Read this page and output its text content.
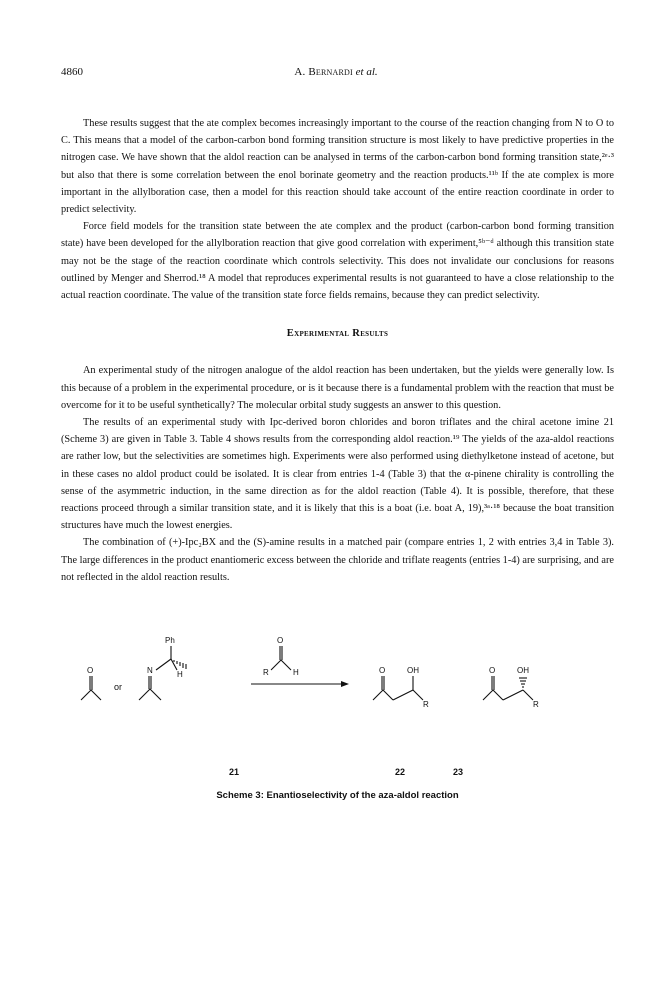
4860	A. Bernardi et al.

These results suggest that the ate complex becomes increasingly important to the course of the reaction changing from N to O to C. This means that a model of the carbon-carbon bond forming transition structure is most likely to have predictive properties in the nitrogen case. We have shown that the aldol reaction can be analysed in terms of the carbon-carbon bond forming transition state,²ᵉ·³ but also that there is some correlation between the enol borinate geometry and the reaction products.¹¹ᵇ If the ate complex is more important in the allylboration case, then a model for this reaction should take account of the entire reaction coordinate in order to predict selectivity.

Force field models for the transition state between the ate complex and the product (carbon-carbon bond forming transition state) have been developed for the allylboration reaction that give good correlation with experiment,⁵ᵇ⁻ᵈ although this transition state may not be the stage of the reaction coordinate which controls selectivity. This does not invalidate our conclusions for reasons outlined by Menger and Sherrod.¹⁸ A model that reproduces experimental results is not guaranteed to have a close relationship to the actual reaction coordinate. The value of the transition state force fields remains, because they can predict selectivity.

Experimental Results

An experimental study of the nitrogen analogue of the aldol reaction has been undertaken, but the yields were generally low. Is this because of a problem in the experimental procedure, or is it because there is a fundamental problem with the reaction that must be overcome for it to be useful synthetically? The molecular orbital study suggests an answer to this question.

The results of an experimental study with Ipc-derived boron chlorides and boron triflates and the chiral acetone imine 21 (Scheme 3) are given in Table 3. Table 4 shows results from the corresponding aldol reaction.¹⁹ The yields of the aza-aldol reactions are rather low, but the selectivities are sometimes high. Experiments were also performed using diethylketone instead of acetone, but in these cases no aldol product could be isolated. It is clear from entries 1-4 (Table 3) that the α-pinene chirality is controlling the sense of the asymmetric induction, in the same direction as for the aldol reaction (Table 4). It is possible, therefore, that these reactions proceed through a similar transition state, and it is likely that this is a boat (i.e. boat A, 19),³ᵃ·¹⁸ because the boat transition structures have much the lowest energies.

The combination of (+)-Ipc₂BX and the (S)-amine results in a matched pair (compare entries 1, 2 with entries 3,4 in Table 3). The large differences in the product enantiomeric excess between the chloride and triflate reagents (entries 1-4) are surprising, and are not reflected in the aldol reaction results.

O
or
Ph
N	H
O
R	H	O	OH
R
O	OH
R
21	22	23
Scheme 3: Enantioselectivity of the aza-aldol reaction
